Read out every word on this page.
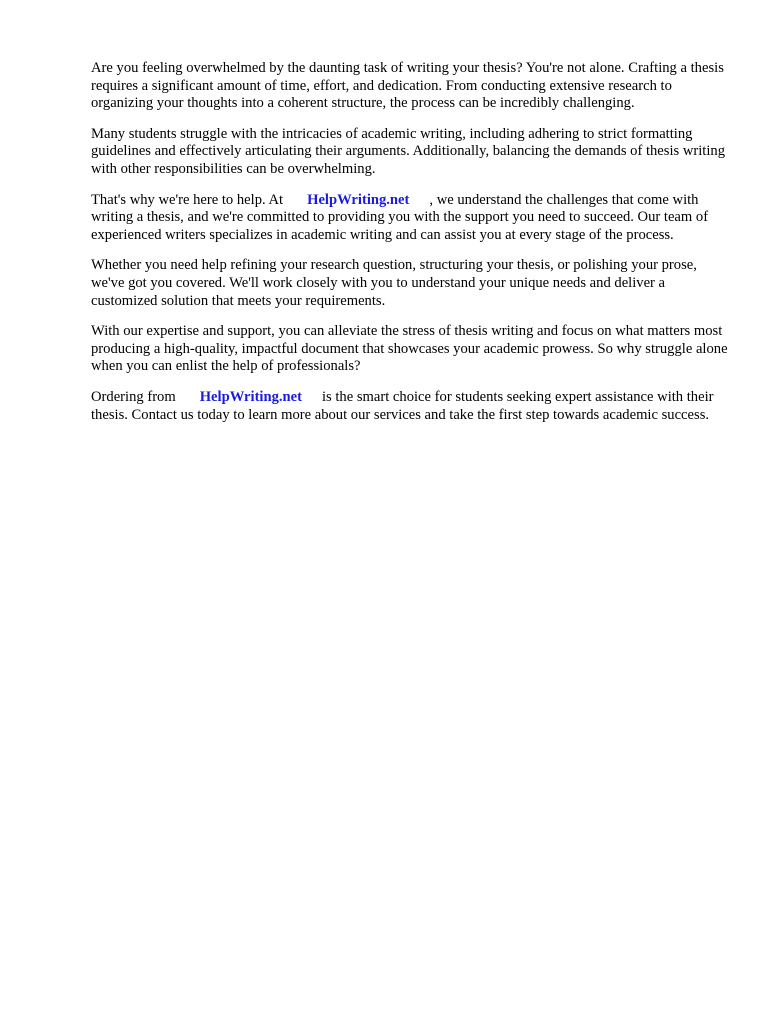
Are you feeling overwhelmed by the daunting task of writing your thesis? You're not alone. Crafting a thesis requires a significant amount of time, effort, and dedication. From conducting extensive research to organizing your thoughts into a coherent structure, the process can be incredibly challenging.

Many students struggle with the intricacies of academic writing, including adhering to strict formatting guidelines and effectively articulating their arguments. Additionally, balancing the demands of thesis writing with other responsibilities can be overwhelming.

That's why we're here to help. At HelpWriting.net , we understand the challenges that come with writing a thesis, and we're committed to providing you with the support you need to succeed. Our team of experienced writers specializes in academic writing and can assist you at every stage of the process.

Whether you need help refining your research question, structuring your thesis, or polishing your prose, we've got you covered. We'll work closely with you to understand your unique needs and deliver a customized solution that meets your requirements.

With our expertise and support, you can alleviate the stress of thesis writing and focus on what matters mostproducing a high-quality, impactful document that showcases your academic prowess. So why struggle alone when you can enlist the help of professionals?

Ordering from HelpWriting.net is the smart choice for students seeking expert assistance with their thesis. Contact us today to learn more about our services and take the first step towards academic success.
